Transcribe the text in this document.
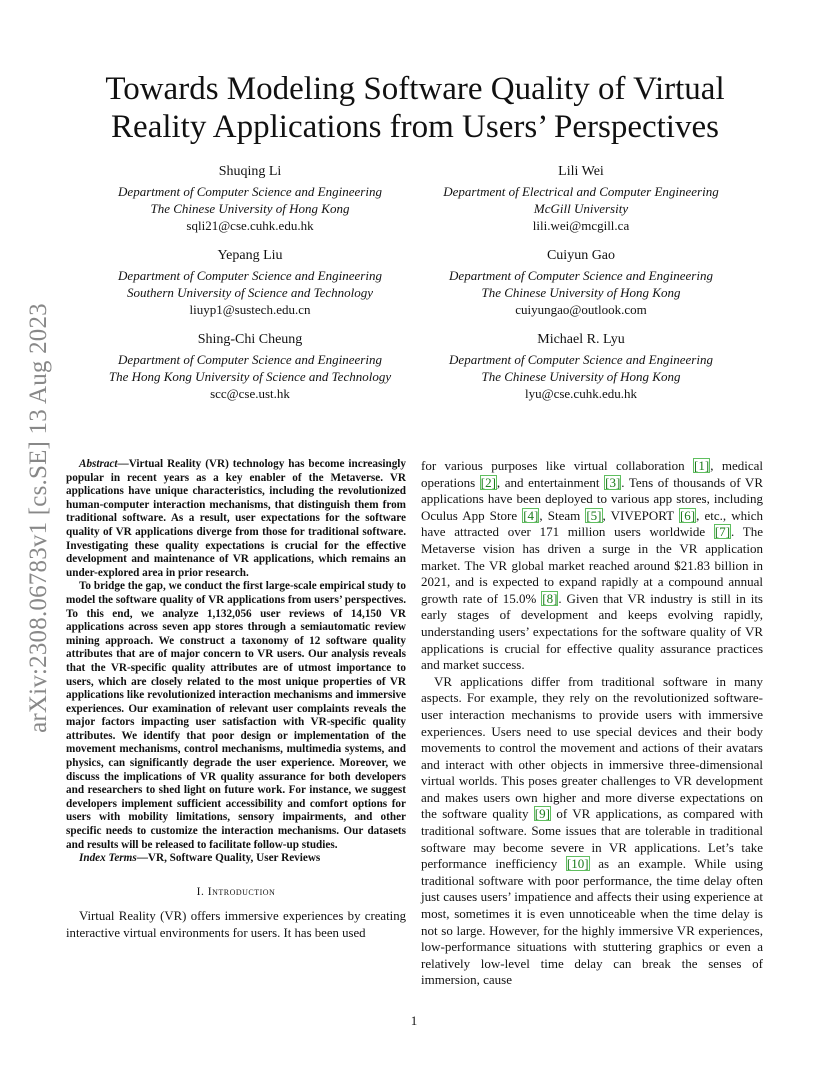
arXiv:2308.06783v1 [cs.SE] 13 Aug 2023
Towards Modeling Software Quality of Virtual Reality Applications from Users’ Perspectives
Shuqing Li
Department of Computer Science and Engineering
The Chinese University of Hong Kong
sqli21@cse.cuhk.edu.hk
Lili Wei
Department of Electrical and Computer Engineering
McGill University
lili.wei@mcgill.ca
Yepang Liu
Department of Computer Science and Engineering
Southern University of Science and Technology
liuyp1@sustech.edu.cn
Cuiyun Gao
Department of Computer Science and Engineering
The Chinese University of Hong Kong
cuiyungao@outlook.com
Shing-Chi Cheung
Department of Computer Science and Engineering
The Hong Kong University of Science and Technology
scc@cse.ust.hk
Michael R. Lyu
Department of Computer Science and Engineering
The Chinese University of Hong Kong
lyu@cse.cuhk.edu.hk

Abstract—Virtual Reality (VR) technology has become increasingly popular in recent years as a key enabler of the Metaverse. VR applications have unique characteristics, including the revolutionized human-computer interaction mechanisms, that distinguish them from traditional software. As a result, user expectations for the software quality of VR applications diverge from those for traditional software. Investigating these quality expectations is crucial for the effective development and maintenance of VR applications, which remains an under-explored area in prior research.

To bridge the gap, we conduct the first large-scale empirical study to model the software quality of VR applications from users’ perspectives. To this end, we analyze 1,132,056 user reviews of 14,150 VR applications across seven app stores through a semiautomatic review mining approach. We construct a taxonomy of 12 software quality attributes that are of major concern to VR users. Our analysis reveals that the VR-specific quality attributes are of utmost importance to users, which are closely related to the most unique properties of VR applications like revolutionized interaction mechanisms and immersive experiences. Our examination of relevant user complaints reveals the major factors impacting user satisfaction with VR-specific quality attributes. We identify that poor design or implementation of the movement mechanisms, control mechanisms, multimedia systems, and physics, can significantly degrade the user experience. Moreover, we discuss the implications of VR quality assurance for both developers and researchers to shed light on future work. For instance, we suggest developers implement sufficient accessibility and comfort options for users with mobility limitations, sensory impairments, and other specific needs to customize the interaction mechanisms. Our datasets and results will be released to facilitate follow-up studies.

Index Terms—VR, Software Quality, User Reviews

I. Introduction

Virtual Reality (VR) offers immersive experiences by creating interactive virtual environments for users. It has been used

for various purposes like virtual collaboration [1], medical operations [2], and entertainment [3]. Tens of thousands of VR applications have been deployed to various app stores, including Oculus App Store [4], Steam [5], VIVEPORT [6], etc., which have attracted over 171 million users worldwide [7]. The Metaverse vision has driven a surge in the VR application market. The VR global market reached around $21.83 billion in 2021, and is expected to expand rapidly at a compound annual growth rate of 15.0% [8]. Given that VR industry is still in its early stages of development and keeps evolving rapidly, understanding users’ expectations for the software quality of VR applications is crucial for effective quality assurance practices and market success.

VR applications differ from traditional software in many aspects. For example, they rely on the revolutionized software-user interaction mechanisms to provide users with immersive experiences. Users need to use special devices and their body movements to control the movement and actions of their avatars and interact with other objects in immersive three-dimensional virtual worlds. This poses greater challenges to VR development and makes users own higher and more diverse expectations on the software quality [9] of VR applications, as compared with traditional software. Some issues that are tolerable in traditional software may become severe in VR applications. Let’s take performance inefficiency [10] as an example. While using traditional software with poor performance, the time delay often just causes users’ impatience and affects their using experience at most, sometimes it is even unnoticeable when the time delay is not so large. However, for the highly immersive VR experiences, low-performance situations with stuttering graphics or even a relatively low-level time delay can break the senses of immersion, cause

1
